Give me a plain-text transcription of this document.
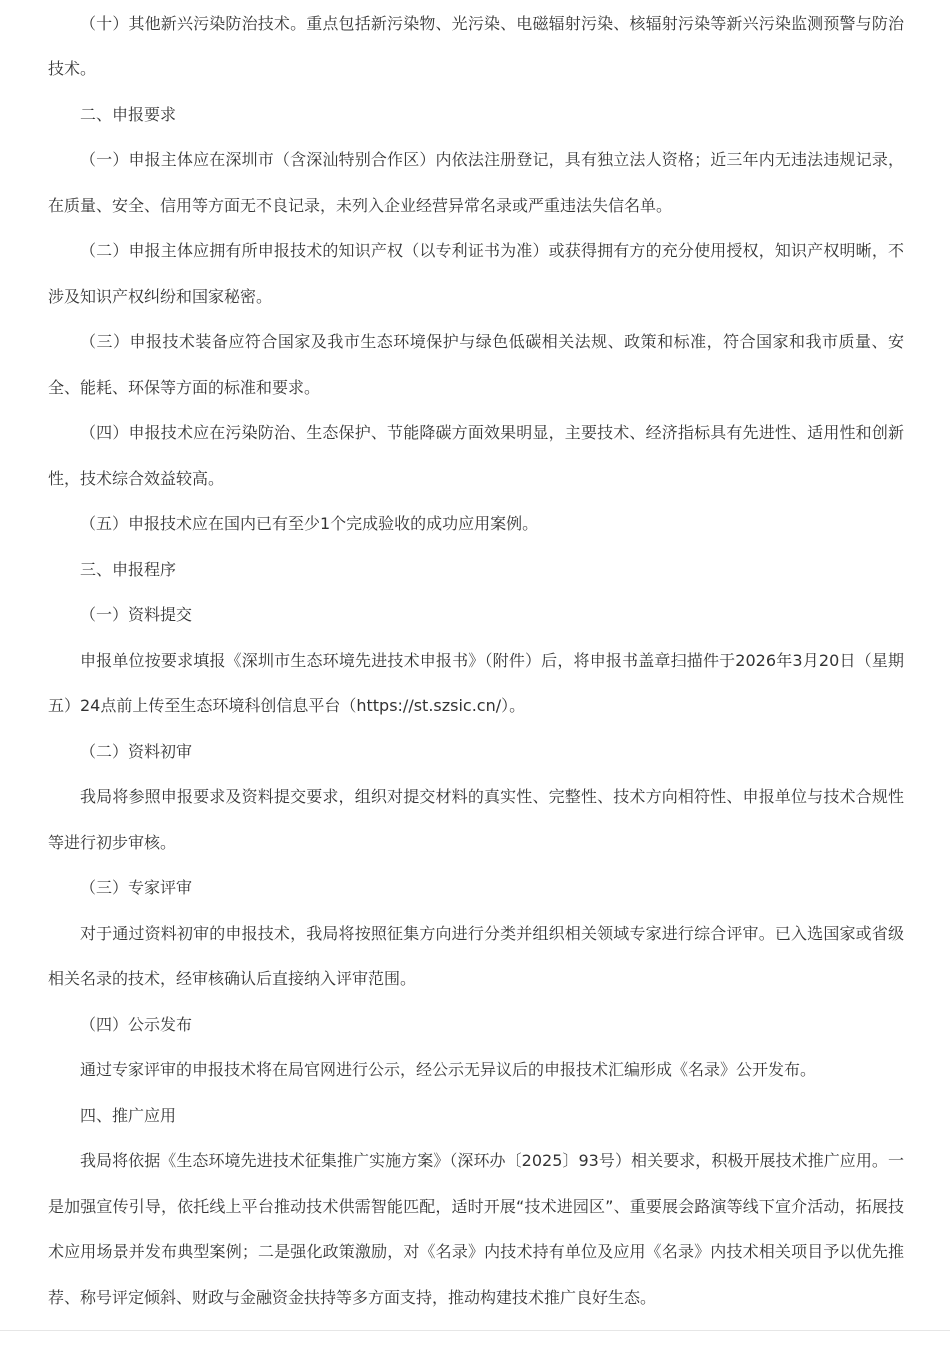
（十）其他新兴污染防治技术。重点包括新污染物、光污染、电磁辐射污染、核辐射污染等新兴污染监测预警与防治技术。

二、申报要求

（一）申报主体应在深圳市（含深汕特别合作区）内依法注册登记，具有独立法人资格；近三年内无违法违规记录，在质量、安全、信用等方面无不良记录，未列入企业经营异常名录或严重违法失信名单。

（二）申报主体应拥有所申报技术的知识产权（以专利证书为准）或获得拥有方的充分使用授权，知识产权明晰，不涉及知识产权纠纷和国家秘密。

（三）申报技术装备应符合国家及我市生态环境保护与绿色低碳相关法规、政策和标准，符合国家和我市质量、安全、能耗、环保等方面的标准和要求。

（四）申报技术应在污染防治、生态保护、节能降碳方面效果明显，主要技术、经济指标具有先进性、适用性和创新性，技术综合效益较高。

（五）申报技术应在国内已有至少1个完成验收的成功应用案例。

三、申报程序

（一）资料提交

申报单位按要求填报《深圳市生态环境先进技术申报书》（附件）后，将申报书盖章扫描件于2026年3月20日（星期五）24点前上传至生态环境科创信息平台（https://st.szsic.cn/）。

（二）资料初审

我局将参照申报要求及资料提交要求，组织对提交材料的真实性、完整性、技术方向相符性、申报单位与技术合规性等进行初步审核。

（三）专家评审

对于通过资料初审的申报技术，我局将按照征集方向进行分类并组织相关领域专家进行综合评审。已入选国家或省级相关名录的技术，经审核确认后直接纳入评审范围。

（四）公示发布

通过专家评审的申报技术将在局官网进行公示，经公示无异议后的申报技术汇编形成《名录》公开发布。

四、推广应用

我局将依据《生态环境先进技术征集推广实施方案》（深环办〔2025〕93号）相关要求，积极开展技术推广应用。一是加强宣传引导，依托线上平台推动技术供需智能匹配，适时开展“技术进园区”、重要展会路演等线下宣介活动，拓展技术应用场景并发布典型案例；二是强化政策激励，对《名录》内技术持有单位及应用《名录》内技术相关项目予以优先推荐、称号评定倾斜、财政与金融资金扶持等多方面支持，推动构建技术推广良好生态。
